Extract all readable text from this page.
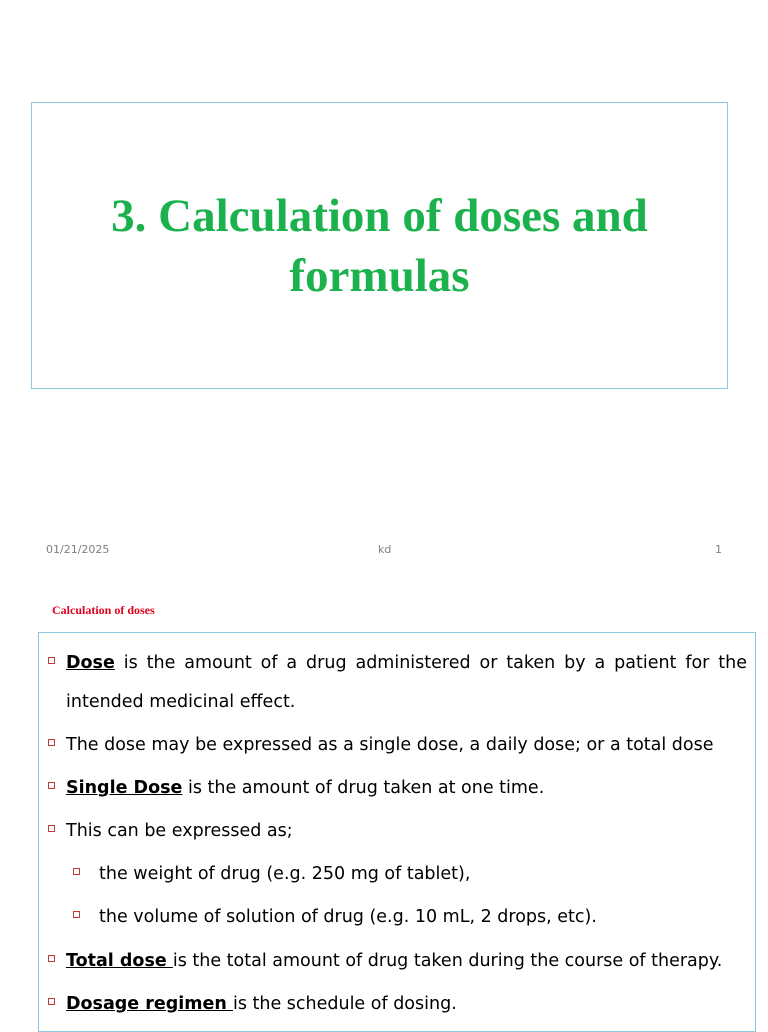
3. Calculation of doses and
formulas
01/21/2025	kd	1
Calculation of doses
Dose is the amount of a drug administered or taken by a patient for the intended medicinal effect.
The dose may be expressed as a single dose, a daily dose; or a total dose
Single Dose is the amount of drug taken at one time.
This can be expressed as;
the weight of drug (e.g. 250 mg of tablet),
the volume of solution of drug (e.g. 10 mL, 2 drops, etc).
Total dose is the total amount of drug taken during the course of therapy.
Dosage regimen is the schedule of dosing.
